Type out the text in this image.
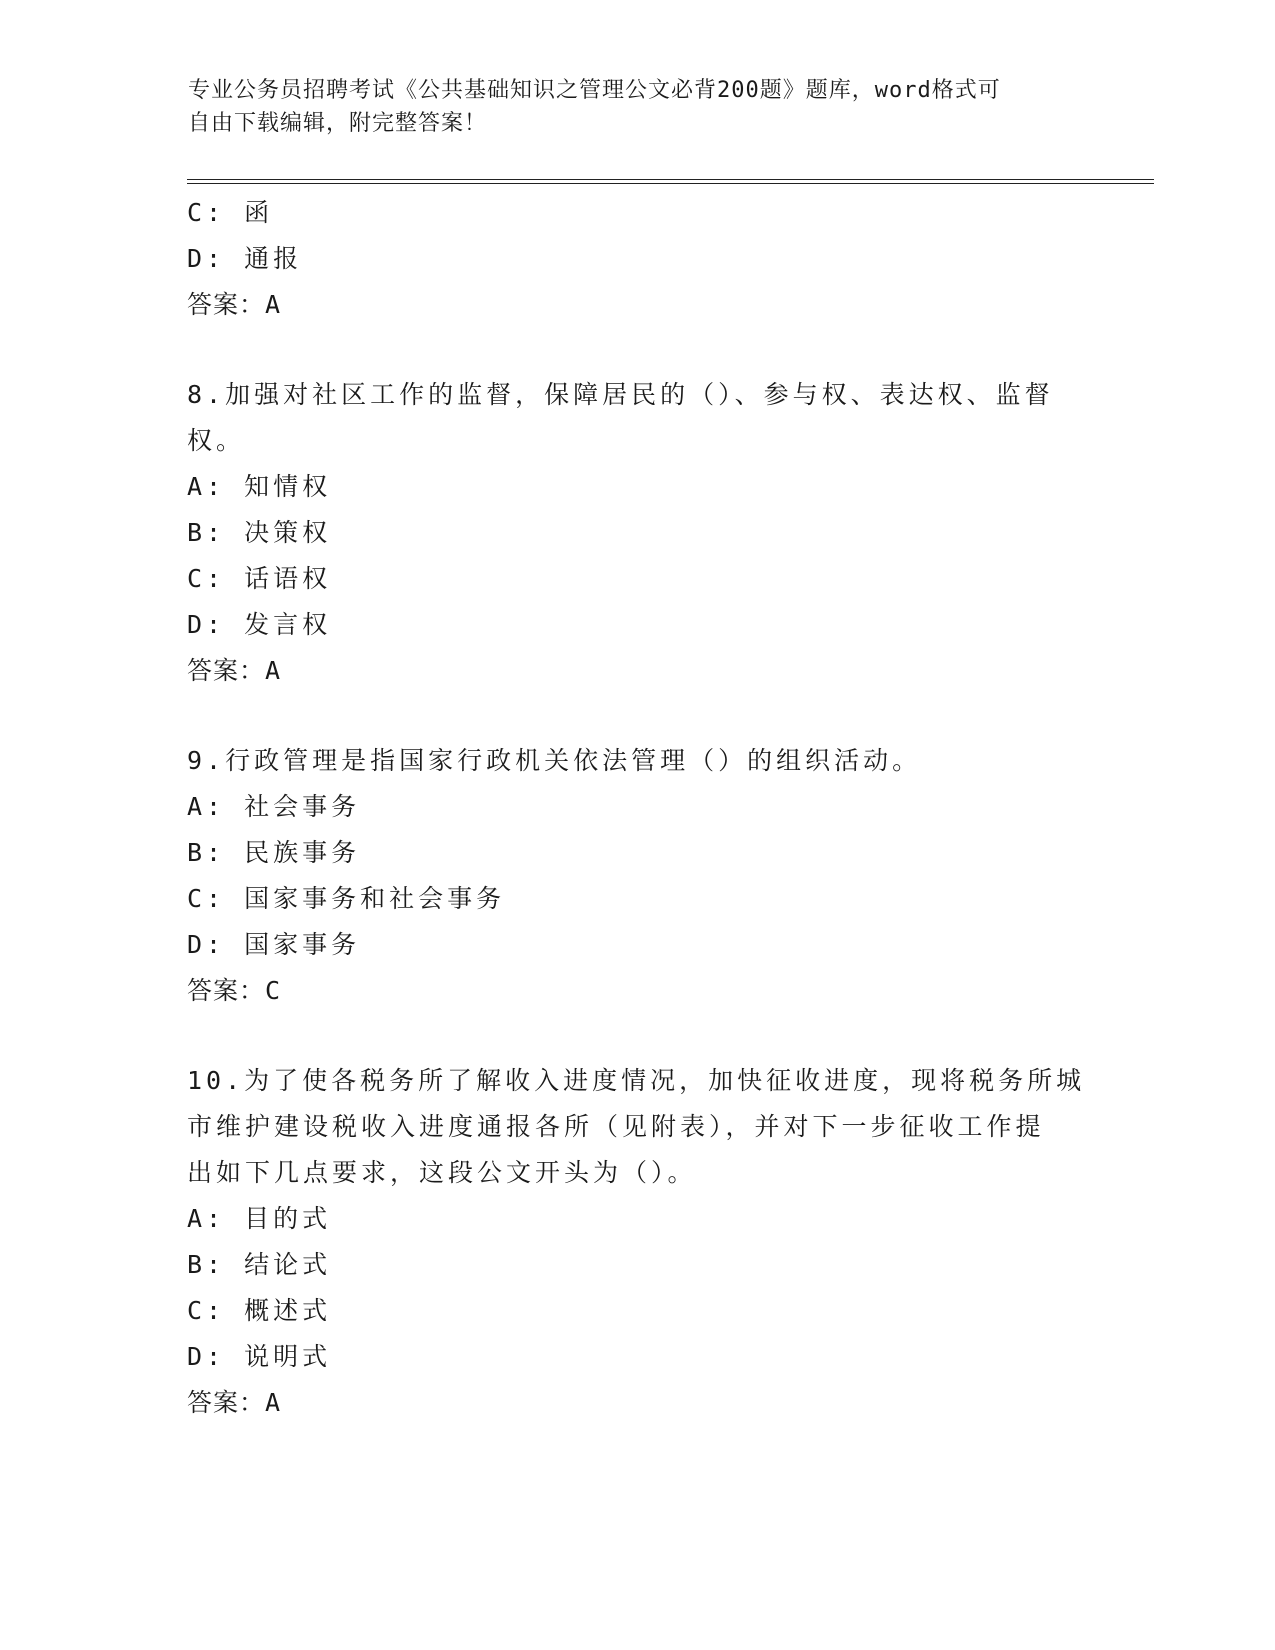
专业公务员招聘考试《公共基础知识之管理公文必背200题》题库，word格式可
自由下载编辑，附完整答案！
C: 函
D: 通报
答案：A
8.加强对社区工作的监督，保障居民的（）、参与权、表达权、监督
权。
A: 知情权
B: 决策权
C: 话语权
D: 发言权
答案：A
9.行政管理是指国家行政机关依法管理（）的组织活动。
A: 社会事务
B: 民族事务
C: 国家事务和社会事务
D: 国家事务
答案：C
10.为了使各税务所了解收入进度情况，加快征收进度，现将税务所城
市维护建设税收入进度通报各所（见附表），并对下一步征收工作提
出如下几点要求，这段公文开头为（）。
A: 目的式
B: 结论式
C: 概述式
D: 说明式
答案：A
